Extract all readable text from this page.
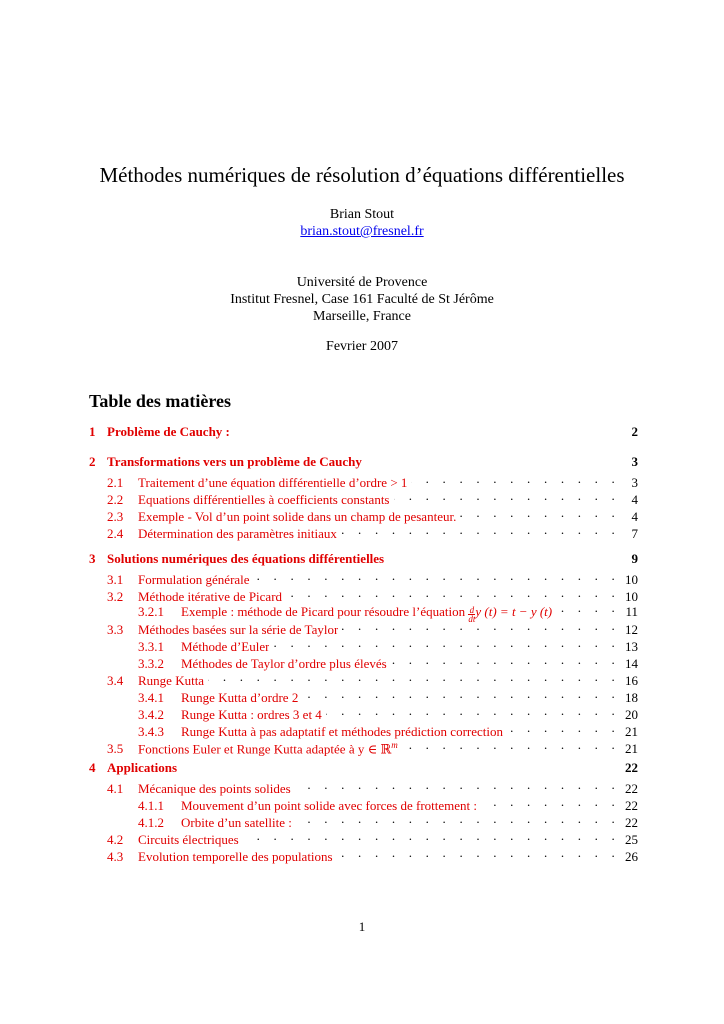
Méthodes numériques de résolution d’équations différentielles
Brian Stout
brian.stout@fresnel.fr
Université de Provence
Institut Fresnel, Case 161 Faculté de St Jérôme
Marseille, France
Fevrier 2007
Table des matières
1 Problème de Cauchy :	2
2 Transformations vers un problème de Cauchy	3
2.1	Traitement d’une équation différentielle d’ordre > 1 . . .	3
2.2	Equations différentielles à coefficients constants . . .	4
2.3	Exemple - Vol d’un point solide dans un champ de pesanteur. . . .	4
2.4	Détermination des paramètres initiaux . . .	7
3 Solutions numériques des équations différentielles	9
3.1	Formulation générale . . .	10
3.2	Méthode itérative de Picard . . .	10
3.2.1	Exemple : méthode de Picard pour résoudre l’équation $\frac{d}{dt}$ y (t) = t − y (t) . . .	11
3.3	Méthodes basées sur la série de Taylor . . .	12
3.3.1	Méthode d’Euler . . .	13
3.3.2	Méthodes de Taylor d’ordre plus élevés . . .	14
3.4	Runge Kutta . . .	16
3.4.1	Runge Kutta d’ordre 2 . . .	18
3.4.2	Runge Kutta : ordres 3 et 4 . . .	20
3.4.3	Runge Kutta à pas adaptatif et méthodes prédiction correction . . .	21
3.5	Fonctions Euler et Runge Kutta adaptée à y ∈ ℝ$^m$ . . .	21
4 Applications	22
4.1	Mécanique des points solides . . .	22
4.1.1	Mouvement d’un point solide avec forces de frottement : . . .	22
4.1.2	Orbite d’un satellite : . . .	22
4.2	Circuits électriques . . .	25
4.3	Evolution temporelle des populations . . .	26
1
